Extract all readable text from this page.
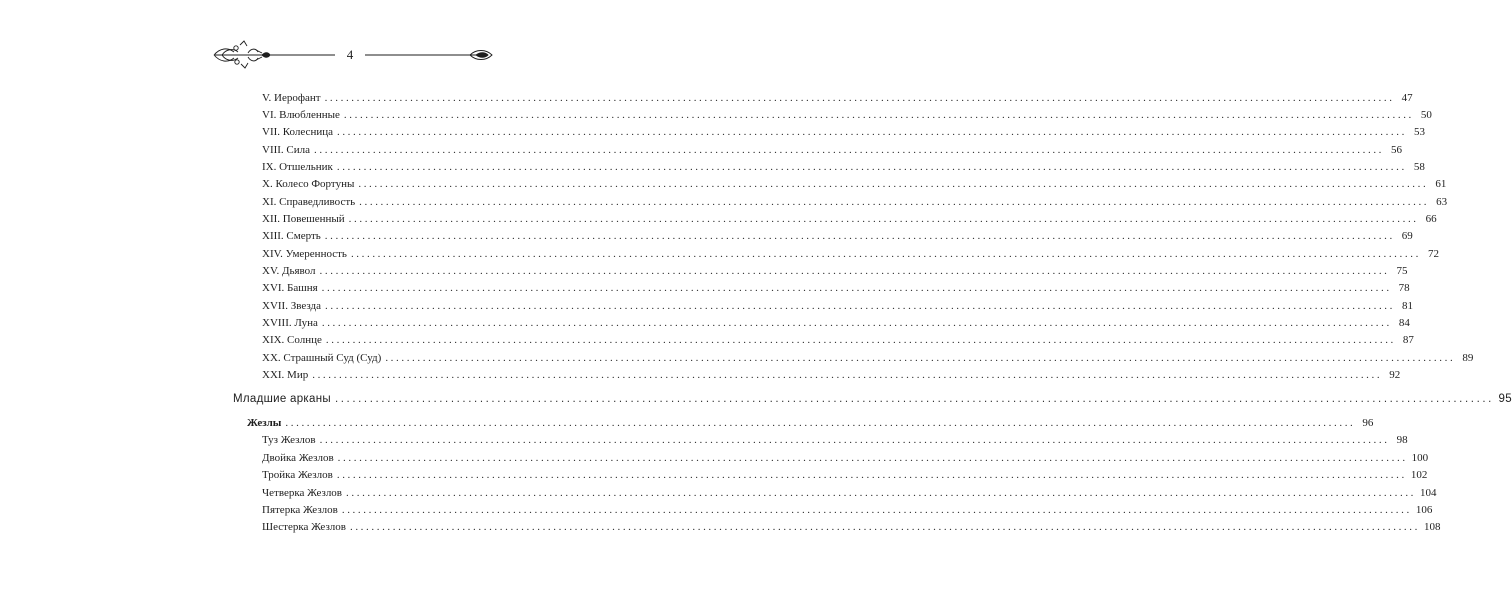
4
V. Иерофант ........................................................................................................................................................................................................ 47
VI. Влюбленные ........................................................................................................................................................................................................ 50
VII. Колесница ........................................................................................................................................................................................................ 53
VIII. Сила ........................................................................................................................................................................................................ 56
IX. Отшельник ........................................................................................................................................................................................................ 58
X. Колесо Фортуны ........................................................................................................................................................................................................ 61
XI. Справедливость ........................................................................................................................................................................................................ 63
XII. Повешенный ........................................................................................................................................................................................................ 66
XIII. Смерть ........................................................................................................................................................................................................ 69
XIV. Умеренность ........................................................................................................................................................................................................ 72
XV. Дьявол ........................................................................................................................................................................................................ 75
XVI. Башня ........................................................................................................................................................................................................ 78
XVII. Звезда ........................................................................................................................................................................................................ 81
XVIII. Луна ........................................................................................................................................................................................................ 84
XIX. Солнце ........................................................................................................................................................................................................ 87
XX. Страшный Суд (Суд) ........................................................................................................................................................................................................ 89
XXI. Мир ........................................................................................................................................................................................................ 92
Младшие арканы ........................................................................................................................................................................................................ 95
Жезлы ........................................................................................................................................................................................................ 96
Туз Жезлов ........................................................................................................................................................................................................ 98
Двойка Жезлов ........................................................................................................................................................................................................ 100
Тройка Жезлов ........................................................................................................................................................................................................ 102
Четверка Жезлов ........................................................................................................................................................................................................ 104
Пятерка Жезлов ........................................................................................................................................................................................................ 106
Шестерка Жезлов ........................................................................................................................................................................................................ 108
